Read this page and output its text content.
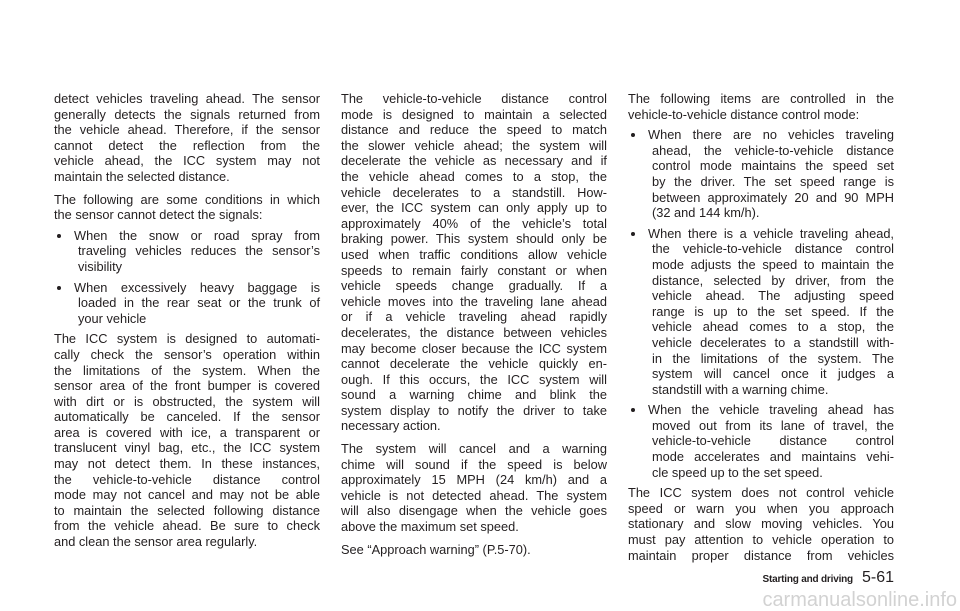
detect vehicles traveling ahead. The sensor
generally detects the signals returned from
the vehicle ahead. Therefore, if the sensor
cannot detect the reflection from the
vehicle ahead, the ICC system may not
maintain the selected distance.
The following are some conditions in which
the sensor cannot detect the signals:
When the snow or road spray from
traveling vehicles reduces the sensor’s
visibility
When excessively heavy baggage is
loaded in the rear seat or the trunk of
your vehicle
The ICC system is designed to automati-
cally check the sensor’s operation within
the limitations of the system. When the
sensor area of the front bumper is covered
with dirt or is obstructed, the system will
automatically be canceled. If the sensor
area is covered with ice, a transparent or
translucent vinyl bag, etc., the ICC system
may not detect them. In these instances,
the vehicle-to-vehicle distance control
mode may not cancel and may not be able
to maintain the selected following distance
from the vehicle ahead. Be sure to check
and clean the sensor area regularly.
The vehicle-to-vehicle distance control
mode is designed to maintain a selected
distance and reduce the speed to match
the slower vehicle ahead; the system will
decelerate the vehicle as necessary and if
the vehicle ahead comes to a stop, the
vehicle decelerates to a standstill. How-
ever, the ICC system can only apply up to
approximately 40% of the vehicle’s total
braking power. This system should only be
used when traffic conditions allow vehicle
speeds to remain fairly constant or when
vehicle speeds change gradually. If a
vehicle moves into the traveling lane ahead
or if a vehicle traveling ahead rapidly
decelerates, the distance between vehicles
may become closer because the ICC system
cannot decelerate the vehicle quickly en-
ough. If this occurs, the ICC system will
sound a warning chime and blink the
system display to notify the driver to take
necessary action.
The system will cancel and a warning
chime will sound if the speed is below
approximately 15 MPH (24 km/h) and a
vehicle is not detected ahead. The system
will also disengage when the vehicle goes
above the maximum set speed.
See “Approach warning” (P.5-70).
The following items are controlled in the
vehicle-to-vehicle distance control mode:
When there are no vehicles traveling
ahead, the vehicle-to-vehicle distance
control mode maintains the speed set
by the driver. The set speed range is
between approximately 20 and 90 MPH
(32 and 144 km/h).
When there is a vehicle traveling ahead,
the vehicle-to-vehicle distance control
mode adjusts the speed to maintain the
distance, selected by driver, from the
vehicle ahead. The adjusting speed
range is up to the set speed. If the
vehicle ahead comes to a stop, the
vehicle decelerates to a standstill with-
in the limitations of the system. The
system will cancel once it judges a
standstill with a warning chime.
When the vehicle traveling ahead has
moved out from its lane of travel, the
vehicle-to-vehicle distance control
mode accelerates and maintains vehi-
cle speed up to the set speed.
The ICC system does not control vehicle
speed or warn you when you approach
stationary and slow moving vehicles. You
must pay attention to vehicle operation to
maintain proper distance from vehicles
Starting and driving 5-61
carmanualsonline.info
